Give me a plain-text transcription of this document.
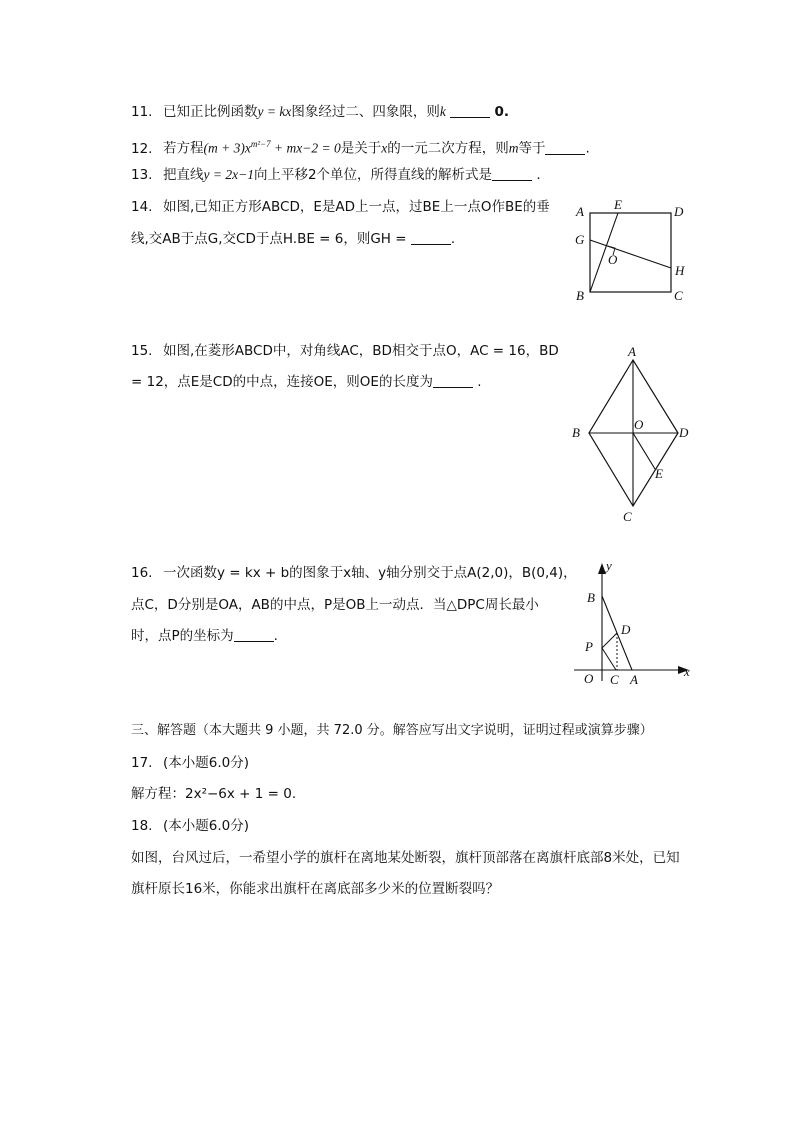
11. 已知正比例函数y = kx图象经过二、四象限，则k	0.
12. 若方程$(m + 3)x^{m^2-7} + mx-2 = 0$是关于x的一元二次方程，则m等于	.
13. 把直线y = 2x−1向上平移2个单位，所得直线的解析式是	.
14. 如图,已知正方形ABCD，E是AD上一点，过BE上一点O作BE的垂
线,交AB于点G,交CD于点H.BE = 6，则GH =	.
A E	D
G
O
H
B	C
15. 如图,在菱形ABCD中，对角线AC，BD相交于点O，AC = 16，BD
= 12，点E是CD的中点，连接OE，则OE的长度为	.
A
B
O
D
E
C
16. 一次函数y = kx + b的图象于x轴、y轴分别交于点A(2,0)，B(0,4)，
点C，D分别是OA，AB的中点，P是OB上一动点．当△DPC周长最小
时，点P的坐标为	.
y
B
D
P
O C A
x
三、解答题（本大题共 9 小题，共 72.0 分。解答应写出文字说明，证明过程或演算步骤）
17. (本小题6.0分)
解方程：2x²−6x + 1 = 0.
18. (本小题6.0分)
如图，台风过后，一希望小学的旗杆在离地某处断裂，旗杆顶部落在离旗杆底部8米处，已知
旗杆原长16米，你能求出旗杆在离底部多少米的位置断裂吗？
